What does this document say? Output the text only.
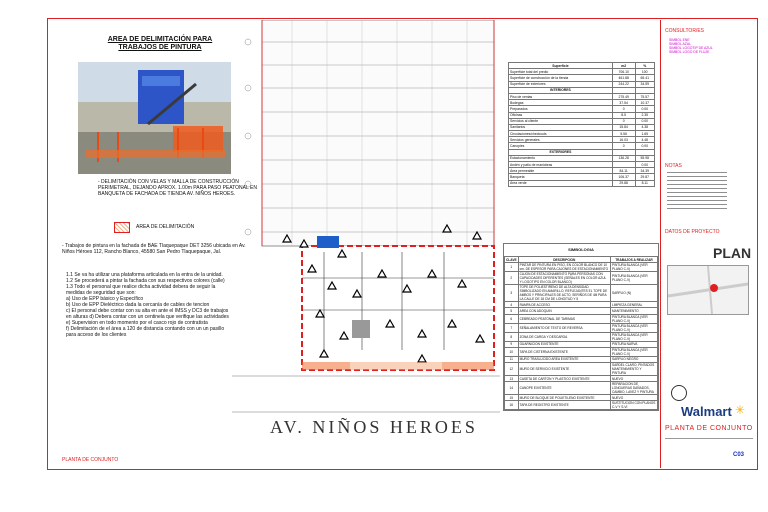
AREA DE DELIMITACIÓN PARA TRABAJOS DE PINTURA
- DELIMITACIÓN CON VELAS Y MALLA DE CONSTRUCCIÓN PERIMETRAL, DEJANDO APROX. 1.00m PARA PASO PEATONAL EN BANQUETA DE FACHADA DE TIENDA AV. NIÑOS HEROES.
AREA DE DELIMITACIÓN
- Trabajos de pintura en la fachada de BAE Tlaquepaque DET 3256 ubicada en Av. Niños Héroes 112, Rancho Blanco, 45580 San Pedro Tlaquepaque, Jal.
1.1 Se va ha utilizar una plataforma articulada en la entra de la unidad.
1.2 Se procederá a pintar la fachada con sus respectivos colores (calle)
1.3 Todo el personal que realice dicha actividad debera de seguir la
medidas de seguridad que son:
a) Uso de EPP básico y Específico
b) Uso de EPP Dieléctrico dada la cercanía de cables de tencion
c) El personal debe contar con su alta en ante el IMSS y DC3 de trabajos
en alturas d) Debera contar con un centinela que verifique las actividades
e) Supervision en todo momento por el casco rojo de contratista
f) Delimitación de el área a 120 de distancia contando con un un pasillo
para acceso de los clientes
AV. NIÑOS HEROES
Superficie	m2	%
Superficie total del predio	706.10	100
Superficie de construcción de la tienda	461.88	65.41
Superficie de exteriores	244.22	34.59
INTERIORES		
Piso de ventas	275.49	75.57
Bodegas	37.54	10.37
Preparados	0	0.00
Oficinas	8.5	2.35
Servicios al cliente	0	0.00
Sanitarios	15.84	4.38
Circulaciones/checkouts	5.56	1.65
Servicios generales	16.03	4.48
Canopies	0	0.00
EXTERIORES		
Estacionamiento	136.28	55.98
Andén y patio de maniobras		0.00
Área permeable	84.11	34.39
Banqueta	106.37	29.87
Área verde	29.88	8.11
SIMBOLOGIA
CLAVE	DESCRIPCION	TRABAJOS A REALIZAR
1	PINTAR DE PINTURA EN PISO, EN COLOR BLANCO DE 10 cm. DE ESPESOR PARA CAJONES DE ESTACIONAMIENTO	PINTURA BLANCA (VER PLANO C-V)
2	CAJON DE ESTACIONAMIENTO PARA PERSONAS CON CAPACIDADES DIFERENTES (SEÑALES EN COLOR AZUL Y LOGOTIPO EN COLOR BLANCO)	PINTURA BLANCA (VER PLANO C-V)
3	TOPE DE POLIESTIRENO DE ALTA DENSIDAD SIMBOLIZADO EN AMARILLO, REFLEJANTES EL TOPE DE AMBOS Y PRINCIPALES DE ACTO, SERIÑOS DE 4M PARA LA CALLE DE 18 CM DE LONGITUD Y 5	SARPLIO (N)
4	RAMPA DE ACCESO	LIMPIEZA GENERAL
5	AREA CON ADOQUIN	MANTENIMIENTO
6	CEBREADO PEATONAL DE TARIMAS	PINTURA BLANCA (VER PLANO C-V)
7	SEÑALAMIENTO DE TEXTO DE REVERSA	PINTURA BLANCA (VER PLANO C-V)
8	ZONA DE CARGA Y DESCARGA	PINTURA BLANCA (VER PLANO C-V)
9	GUARNICION EXISTENTE	PINTURA NARVA
10	TAPA DE CISTERNA EXISTENTE	PINTURA BLANCA (VER PLANO C-V)
11	MURO TRASLÚCIDO AREA EXISTENTE	SARPLIO NEGRO
12	MURO DE SERVICIO EXISTENTE	SARDEL CLARO, PINTADOS MANTENIMIENTO Y PINTURA
13	CASETA DE CARTON Y PLASTICO EXISTENTE	NUEVO
14	CANOPE EXISTENTE	REPARACION DE LONGUERAS DAÑADOS, CAMBIO, LAVEZ Y PINTURA
15	MURO DE BLOQUE DE POLIETILENO EXISTENTE	NUEVO
16	TAPA DE REGISTRO EXISTENTE	SUSTITUCION CON PLANOS C-V Y S-VI
CONSULTOR/ES
SIMBOL ENE
SIMBOL AZUL
SIMBOL LOGOTIP DE AZUL
SIMBOL LOGO DE FLUJE
NOTAS
DATOS DE PROYECTO
PLAN
Walmart ✳
PLANTA DE CONJUNTO
C03
PLANTA DE CONJUNTO
